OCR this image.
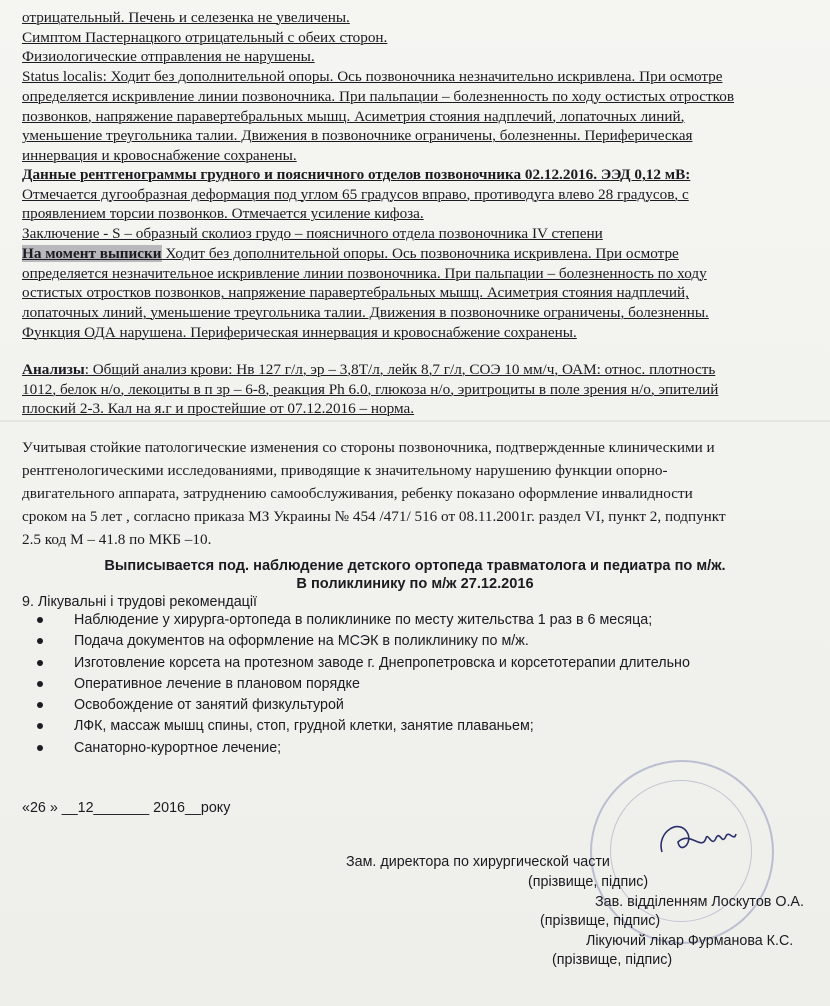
отрицательный. Печень и селезенка не увеличены.
Симптом Пастернацкого отрицательный с обеих сторон.
Физиологические отправления не нарушены.
Status localis: Ходит без дополнительной опоры. Ось позвоночника незначительно искривлена. При осмотре
определяется искривление линии позвоночника. При пальпации – болезненность по ходу остистых отростков
позвонков, напряжение паравертебральных мышц. Асиметрия стояния надплечий, лопаточных линий,
уменьшение треугольника талии. Движения в позвоночнике ограничены, болезненны. Периферическая
иннервация и кровоснабжение сохранены.
Данные рентгенограммы грудного и поясничного отделов позвоночника 02.12.2016. ЭЭД 0,12 мВ:
Отмечается дугообразная деформация под углом 65 градусов вправо, противодуга влево 28 градусов, с
проявлением торсии позвонков. Отмечается усиление кифоза.
Заключение - S – образный сколиоз грудо – поясничного отдела позвоночника IV степени
На момент выписки Ходит без дополнительной опоры. Ось позвоночника искривлена. При осмотре
определяется незначительное искривление линии позвоночника. При пальпации – болезненность по ходу
остистых отростков позвонков, напряжение паравертебральных мышц. Асиметрия стояния надплечий,
лопаточных линий, уменьшение треугольника талии. Движения в позвоночнике ограничены, болезненны.
Функция ОДА нарушена. Периферическая иннервация и кровоснабжение сохранены.
Анализы: Общий анализ крови: Нв 127 г/л, эр – 3,8Т/л, лейк 8,7 г/л, СОЭ 10 мм/ч, ОАМ: относ. плотность
1012, белок н/о, лекоциты в п зр – 6-8, реакция Ph 6.0, глюкоза н/о, эритроциты в поле зрения н/о, эпителий
плоский 2-3. Кал на я.г и простейшие от 07.12.2016 – норма.
Учитывая стойкие патологические изменения со стороны позвоночника, подтвержденные клиническими и
рентгенологическими исследованиями, приводящие к значительному нарушению функции опорно-
двигательного аппарата, затруднению самообслуживания, ребенку показано оформление инвалидности
сроком на 5 лет , согласно приказа МЗ Украины № 454 /471/ 516 от 08.11.2001г. раздел VI, пункт 2, подпункт
2.5 код М – 41.8 по МКБ –10.
Выписывается под. наблюдение детского ортопеда травматолога и педиатра по м/ж.
В поликлинику по м/ж 27.12.2016
9. Лікувальні і трудові рекомендації
Наблюдение у хирурга-ортопеда в поликлинике по месту жительства 1 раз в 6 месяца;
Подача документов на оформление на МСЭК в поликлинику по м/ж.
Изготовление корсета на протезном заводе г. Днепропетровска и корсетотерапии длительно
Оперативное лечение в плановом порядке
Освобождение от занятий физкультурой
ЛФК, массаж мышц спины, стоп, грудной клетки, занятие плаваньем;
Санаторно-курортное лечение;
«26 » __12_______ 2016__року
Зам. директора по хирургической части
(прізвище, підпис)
Зав. відділенням Лоскутов О.А.
(прізвище, підпис)
Лікуючий лікар Фурманова К.С.
(прізвище, підпис)
